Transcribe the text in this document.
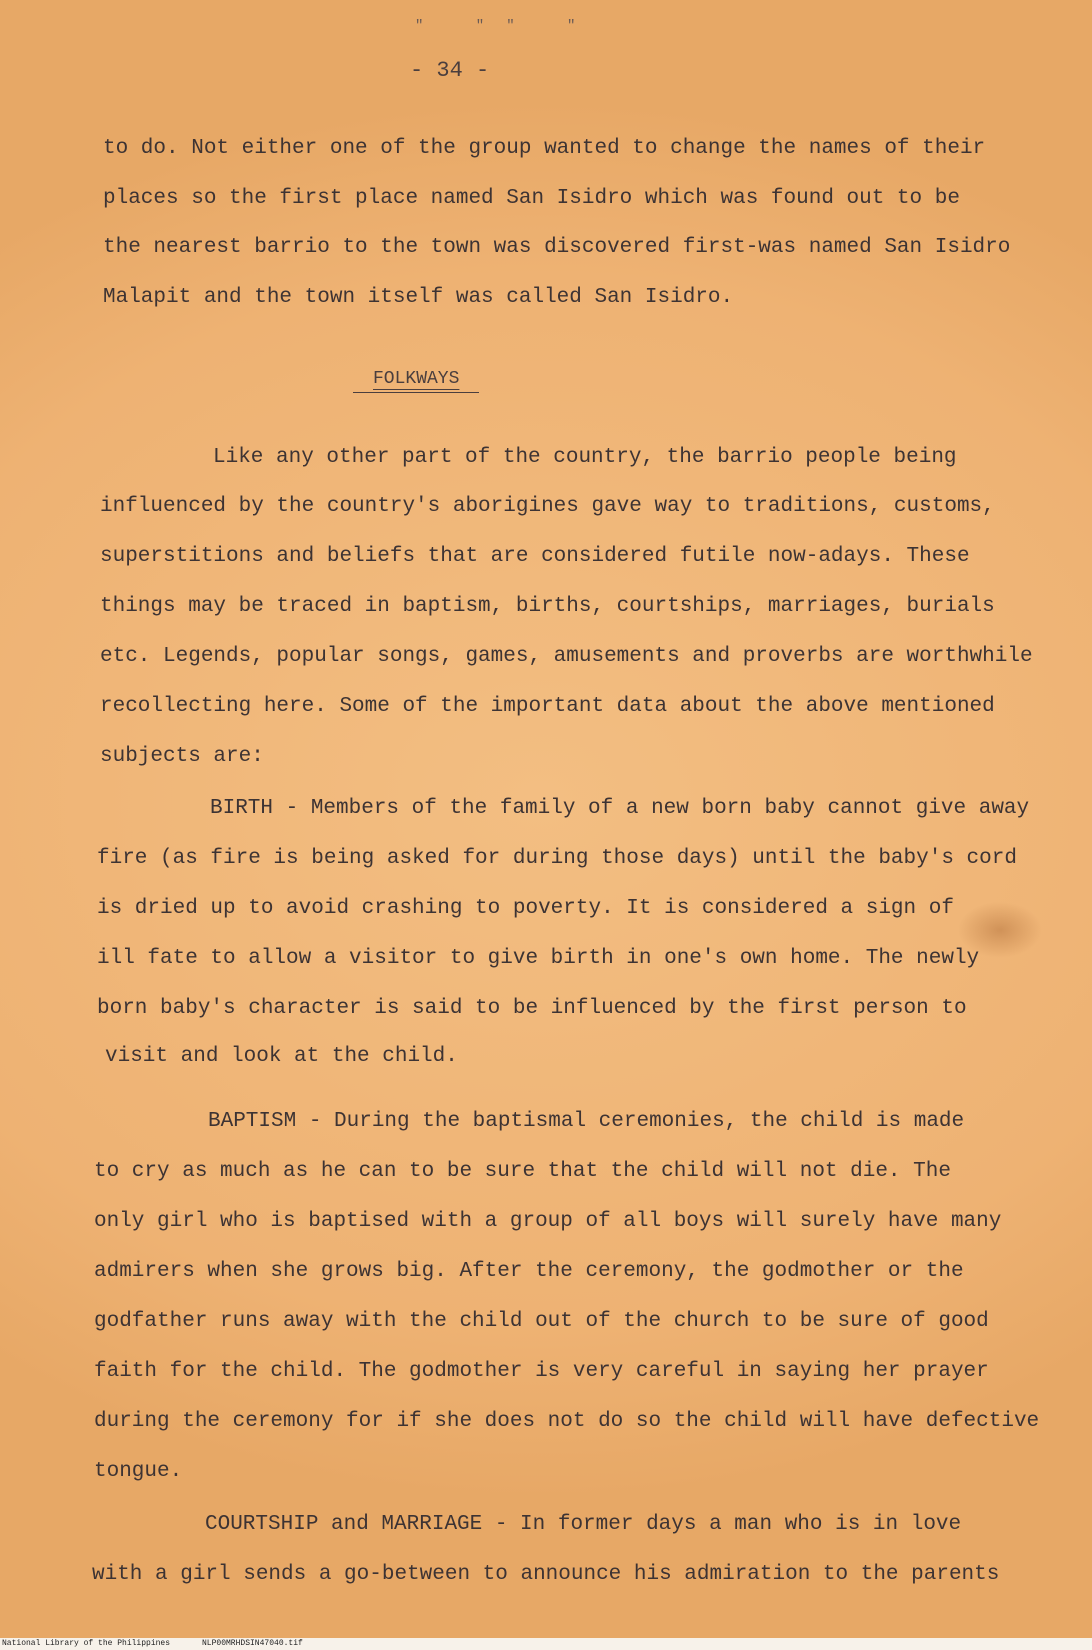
" "" "
- 34 -
to do. Not either one of the group wanted to change the names of their
places so the first place named San Isidro which was found out to be
the nearest barrio to the town was discovered first-was named San Isidro
Malapit and the town itself was called San Isidro.
FOLKWAYS
Like any other part of the country, the barrio people being
influenced by the country's aborigines gave way to traditions, customs,
superstitions and beliefs that are considered futile now-adays. These
things may be traced in baptism, births, courtships, marriages, burials
etc. Legends, popular songs, games, amusements and proverbs are worthwhile
recollecting here. Some of the important data about the above mentioned
subjects are:
BIRTH - Members of the family of a new born baby cannot give away
fire (as fire is being asked for during those days) until the baby's cord
is dried up to avoid crashing to poverty. It is considered a sign of
ill fate to allow a visitor to give birth in one's own home. The newly
born baby's character is said to be influenced by the first person to
visit and look at the child.
BAPTISM - During the baptismal ceremonies, the child is made
to cry as much as he can to be sure that the child will not die. The
only girl who is baptised with a group of all boys will surely have many
admirers when she grows big. After the ceremony, the godmother or the
godfather runs away with the child out of the church to be sure of good
faith for the child. The godmother is very careful in saying her prayer
during the ceremony for if she does not do so the child will have defective
tongue.
COURTSHIP and MARRIAGE - In former days a man who is in love
with a girl sends a go-between to announce his admiration to the parents
National Library of the Philippines	NLP00MRHDSIN47040.tif
